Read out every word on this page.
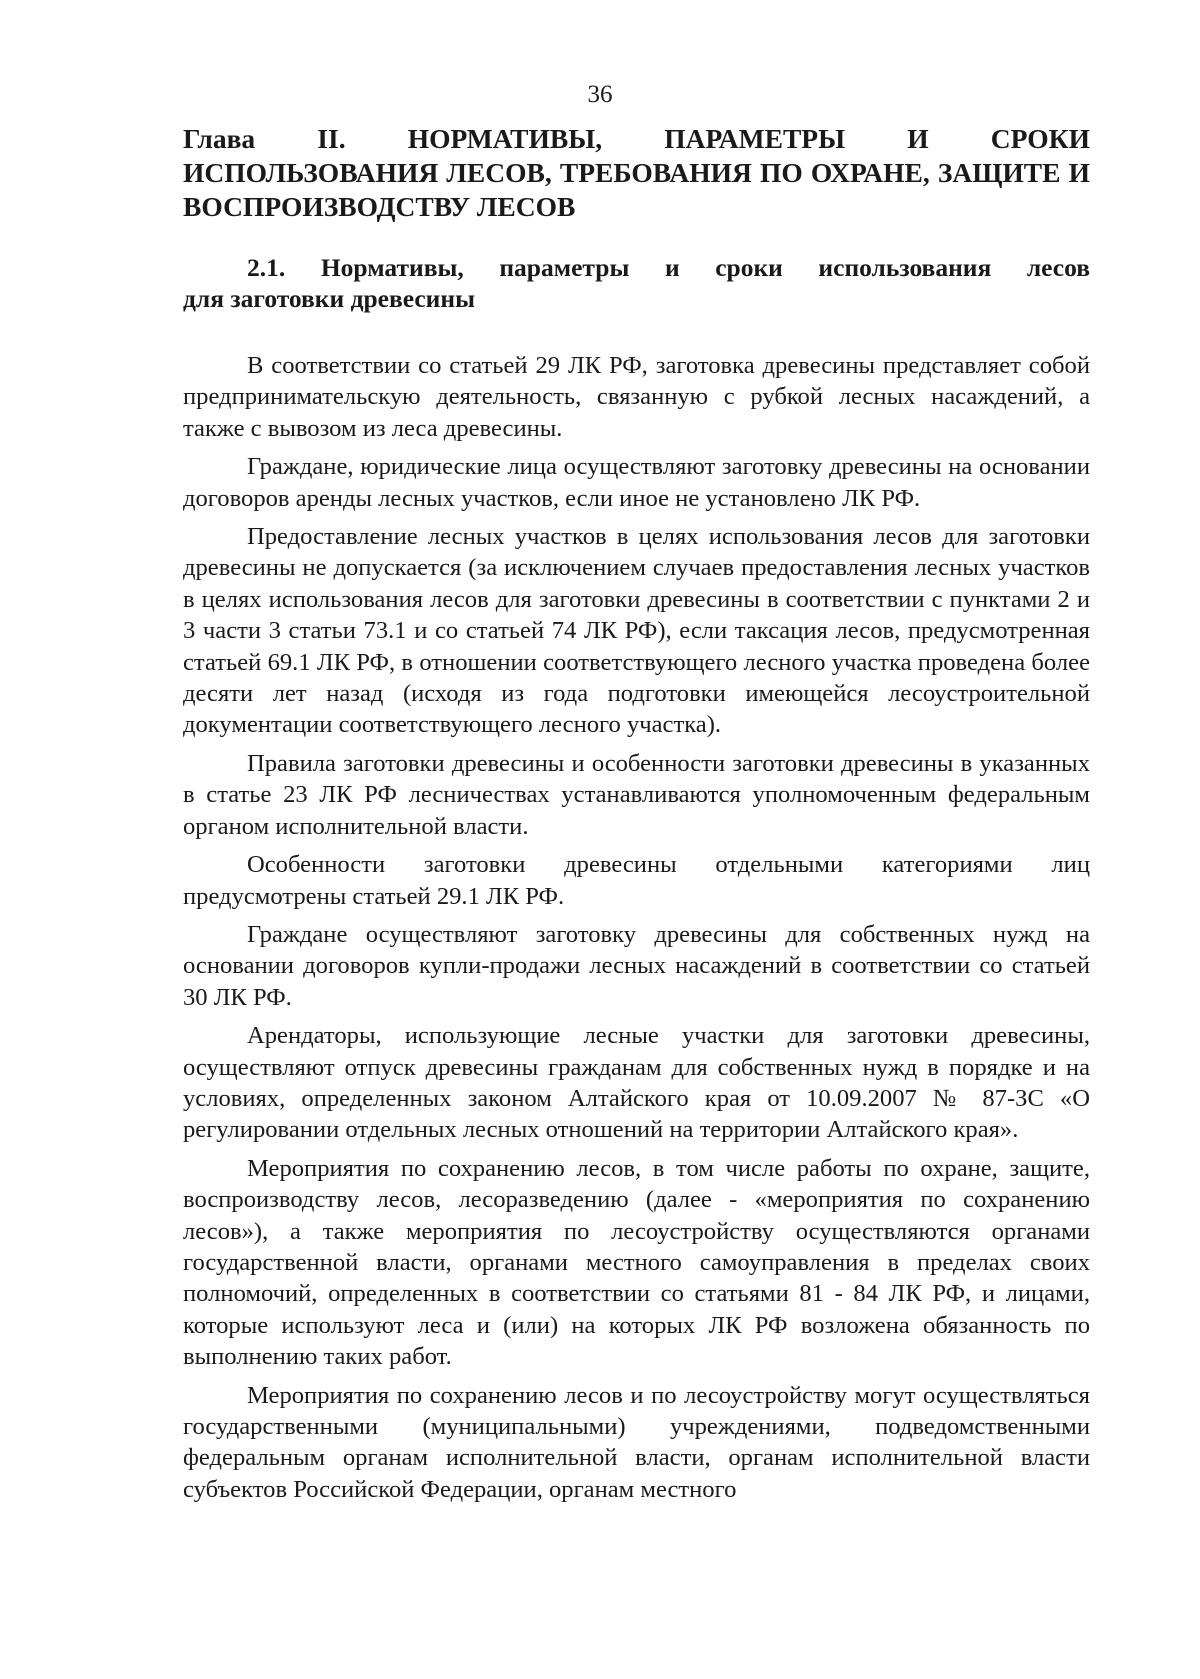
36
Глава II. НОРМАТИВЫ, ПАРАМЕТРЫ И СРОКИ
ИСПОЛЬЗОВАНИЯ ЛЕСОВ, ТРЕБОВАНИЯ ПО ОХРАНЕ, ЗАЩИТЕ И
ВОСПРОИЗВОДСТВУ ЛЕСОВ
2.1. Нормативы, параметры и сроки использования лесов
для заготовки древесины

В соответствии со статьей 29 ЛК РФ, заготовка древесины представляет собой предпринимательскую деятельность, связанную с рубкой лесных насаждений, а также с вывозом из леса древесины.

Граждане, юридические лица осуществляют заготовку древесины на основании договоров аренды лесных участков, если иное не установлено ЛК РФ.

Предоставление лесных участков в целях использования лесов для заготовки древесины не допускается (за исключением случаев предоставления лесных участков в целях использования лесов для заготовки древесины в соответствии с пунктами 2 и 3 части 3 статьи 73.1 и со статьей 74 ЛК РФ), если таксация лесов, предусмотренная статьей 69.1 ЛК РФ, в отношении соответствующего лесного участка проведена более десяти лет назад (исходя из года подготовки имеющейся лесоустроительной документации соответствующего лесного участка).

Правила заготовки древесины и особенности заготовки древесины в указанных в статье 23 ЛК РФ лесничествах устанавливаются уполномоченным федеральным органом исполнительной власти.

Особенности заготовки древесины отдельными категориями лиц предусмотрены статьей 29.1 ЛК РФ.

Граждане осуществляют заготовку древесины для собственных нужд на основании договоров купли-продажи лесных насаждений в соответствии со статьей 30 ЛК РФ.

Арендаторы, использующие лесные участки для заготовки древесины, осуществляют отпуск древесины гражданам для собственных нужд в порядке и на условиях, определенных законом Алтайского края от 10.09.2007 № 87-ЗС «О регулировании отдельных лесных отношений на территории Алтайского края».

Мероприятия по сохранению лесов, в том числе работы по охране, защите, воспроизводству лесов, лесоразведению (далее - «мероприятия по сохранению лесов»), а также мероприятия по лесоустройству осуществляются органами государственной власти, органами местного самоуправления в пределах своих полномочий, определенных в соответствии со статьями 81 - 84 ЛК РФ, и лицами, которые используют леса и (или) на которых ЛК РФ возложена обязанность по выполнению таких работ.

Мероприятия по сохранению лесов и по лесоустройству могут осуществляться государственными (муниципальными) учреждениями, подведомственными федеральным органам исполнительной власти, органам исполнительной власти субъектов Российской Федерации, органам местного
